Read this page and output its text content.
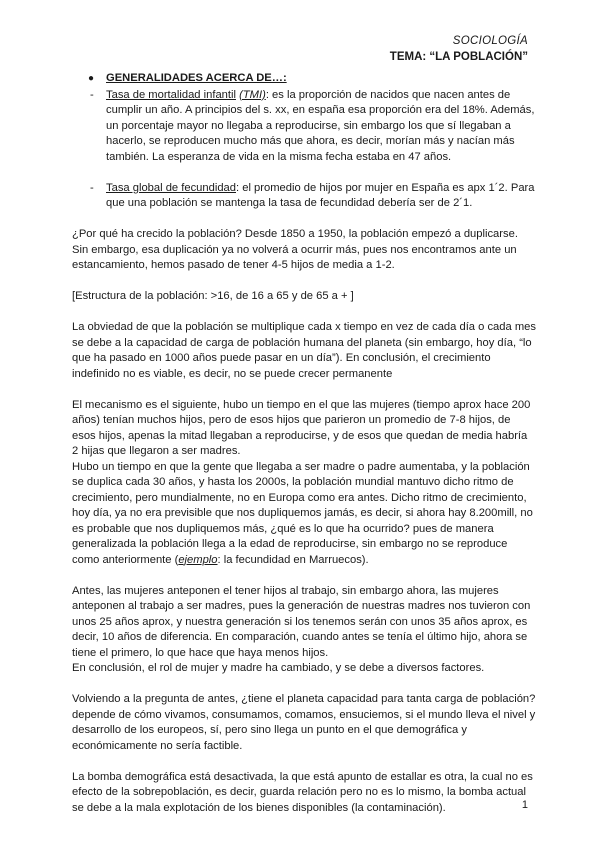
SOCIOLOGÍA
TEMA: “LA POBLACIÓN”
● GENERALIDADES ACERCA DE…:
- Tasa de mortalidad infantil (TMI): es la proporción de nacidos que nacen antes de cumplir un año. A principios del s. xx, en españa esa proporción era del 18%. Además, un porcentaje mayor no llegaba a reproducirse, sin embargo los que sí llegaban a hacerlo, se reproducen mucho más que ahora, es decir, morían más y nacían más también. La esperanza de vida en la misma fecha estaba en 47 años.
- Tasa global de fecundidad: el promedio de hijos por mujer en España es apx 1´2. Para que una población se mantenga la tasa de fecundidad debería ser de 2´1.

¿Por qué ha crecido la población? Desde 1850 a 1950, la población empezó a duplicarse. Sin embargo, esa duplicación ya no volverá a ocurrir más, pues nos encontramos ante un estancamiento, hemos pasado de tener 4-5 hijos de media a 1-2.

[Estructura de la población: >16, de 16 a 65 y de 65 a + ]

La obviedad de que la población se multiplique cada x tiempo en vez de cada día o cada mes se debe a la capacidad de carga de población humana del planeta (sin embargo, hoy día, “lo que ha pasado en 1000 años puede pasar en un día”). En conclusión, el crecimiento indefinido no es viable, es decir, no se puede crecer permanente

El mecanismo es el siguiente, hubo un tiempo en el que las mujeres (tiempo aprox hace 200 años) tenían muchos hijos, pero de esos hijos que parieron un promedio de 7-8 hijos, de esos hijos, apenas la mitad llegaban a reproducirse, y de esos que quedan de media habría 2 hijas que llegaron a ser madres.

Hubo un tiempo en que la gente que llegaba a ser madre o padre aumentaba, y la población se duplica cada 30 años, y hasta los 2000s, la población mundial mantuvo dicho ritmo de crecimiento, pero mundialmente, no en Europa como era antes. Dicho ritmo de crecimiento, hoy día, ya no era previsible que nos dupliquemos jamás, es decir, si ahora hay 8.200mill, no es probable que nos dupliquemos más, ¿qué es lo que ha ocurrido? pues de manera generalizada la población llega a la edad de reproducirse, sin embargo no se reproduce como anteriormente (ejemplo: la fecundidad en Marruecos).

Antes, las mujeres anteponen el tener hijos al trabajo, sin embargo ahora, las mujeres anteponen al trabajo a ser madres, pues la generación de nuestras madres nos tuvieron con unos 25 años aprox, y nuestra generación si los tenemos serán con unos 35 años aprox, es decir, 10 años de diferencia. En comparación, cuando antes se tenía el último hijo, ahora se tiene el primero, lo que hace que haya menos hijos.

En conclusión, el rol de mujer y madre ha cambiado, y se debe a diversos factores.

Volviendo a la pregunta de antes, ¿tiene el planeta capacidad para tanta carga de población? depende de cómo vivamos, consumamos, comamos, ensuciemos, si el mundo lleva el nivel y desarrollo de los europeos, sí, pero sino llega un punto en el que demográfica y económicamente no sería factible.

La bomba demográfica está desactivada, la que está apunto de estallar es otra, la cual no es efecto de la sobrepoblación, es decir, guarda relación pero no es lo mismo, la bomba actual se debe a la mala explotación de los bienes disponibles (la contaminación).	1
